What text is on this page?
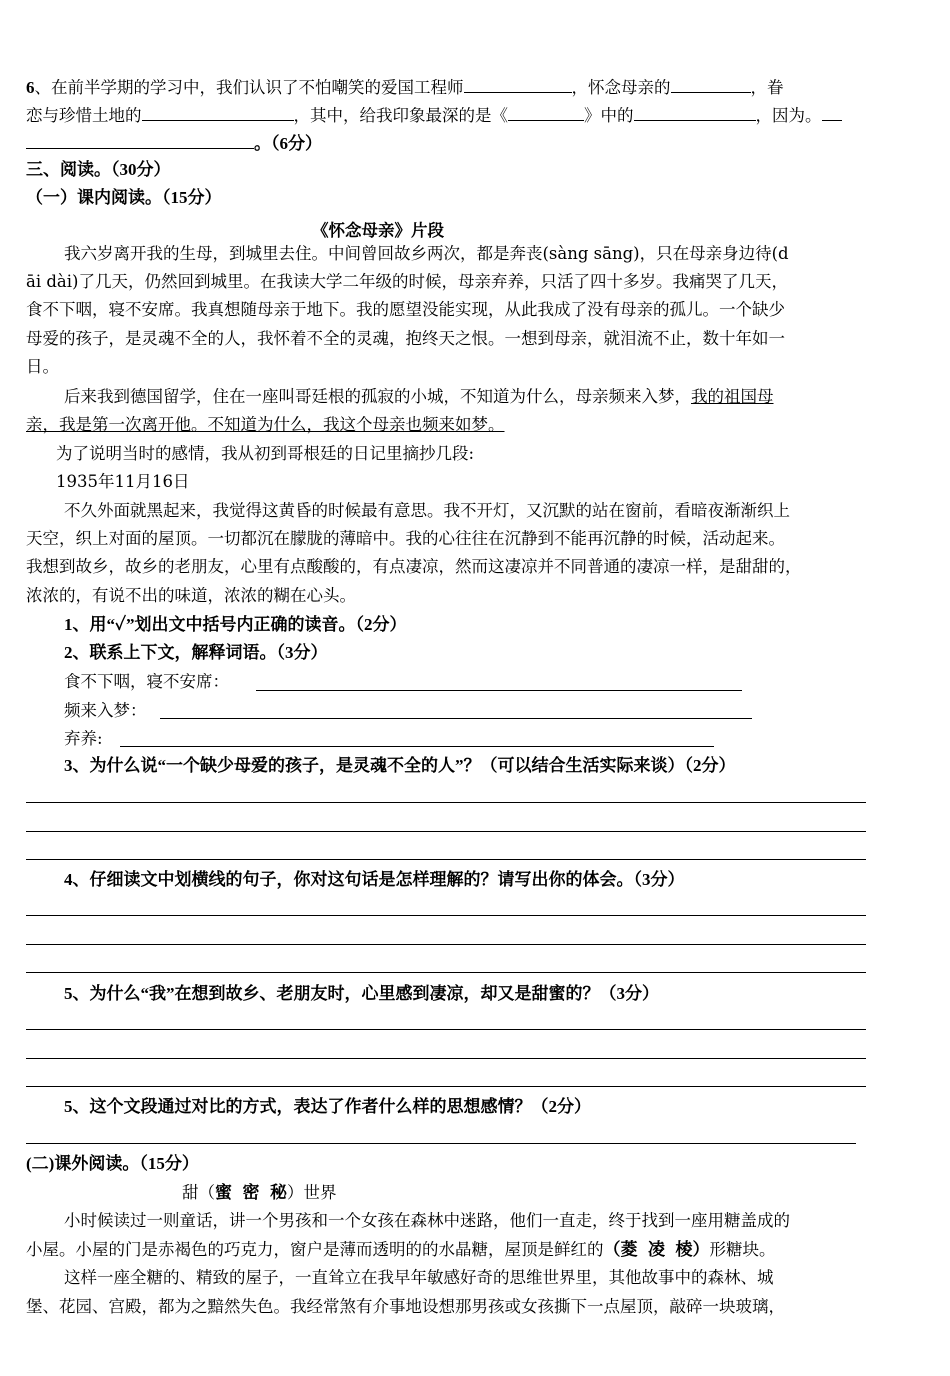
6、在前半学期的学习中，我们认识了不怕嘲笑的爱国工程师	，怀念母亲的	，眷
恋与珍惜土地的	，其中，给我印象最深的是《	》中的	，因为。
。（6分）
三、阅读。（30分）
（一）课内阅读。（15分）
《怀念母亲》片段
我六岁离开我的生母，到城里去住。中间曾回故乡两次，都是奔丧(sàng sāng)，只在母亲身边待(d
āi dài)了几天，仍然回到城里。在我读大学二年级的时候，母亲弃养，只活了四十多岁。我痛哭了几天，
食不下咽，寝不安席。我真想随母亲于地下。我的愿望没能实现，从此我成了没有母亲的孤儿。一个缺少
母爱的孩子，是灵魂不全的人，我怀着不全的灵魂，抱终天之恨。一想到母亲，就泪流不止，数十年如一
日。
后来我到德国留学，住在一座叫哥廷根的孤寂的小城，不知道为什么，母亲频来入梦，我的祖国母
亲，我是第一次离开他。不知道为什么，我这个母亲也频来如梦。
为了说明当时的感情，我从初到哥根廷的日记里摘抄几段:
1935年11月16日
不久外面就黑起来，我觉得这黄昏的时候最有意思。我不开灯，又沉默的站在窗前，看暗夜渐渐织上
天空，织上对面的屋顶。一切都沉在朦胧的薄暗中。我的心往往在沉静到不能再沉静的时候，活动起来。
我想到故乡，故乡的老朋友，心里有点酸酸的，有点凄凉，然而这凄凉并不同普通的凄凉一样，是甜甜的，
浓浓的，有说不出的味道，浓浓的糊在心头。
1、用“✓”划出文中括号内正确的读音。（2分）
2、联系上下文，解释词语。（3分）
食不下咽，寝不安席：
频来入梦：
弃养:
3、为什么说“一个缺少母爱的孩子，是灵魂不全的人”？（可以结合生活实际来谈）（2分）
4、仔细读文中划横线的句子，你对这句话是怎样理解的？请写出你的体会。（3分）
5、为什么“我”在想到故乡、老朋友时，心里感到凄凉，却又是甜蜜的？（3分）
5、这个文段通过对比的方式，表达了作者什么样的思想感情？（2分）
(二)课外阅读。（15分）
甜（蜜 密 秘）世界
小时候读过一则童话，讲一个男孩和一个女孩在森林中迷路，他们一直走，终于找到一座用糖盖成的
小屋。小屋的门是赤褐色的巧克力，窗户是薄而透明的的水晶糖，屋顶是鲜红的（菱 凌 棱）形糖块。
这样一座全糖的、精致的屋子，一直耸立在我早年敏感好奇的思维世界里，其他故事中的森林、城
堡、花园、宫殿，都为之黯然失色。我经常煞有介事地设想那男孩或女孩撕下一点屋顶，敲碎一块玻璃，
